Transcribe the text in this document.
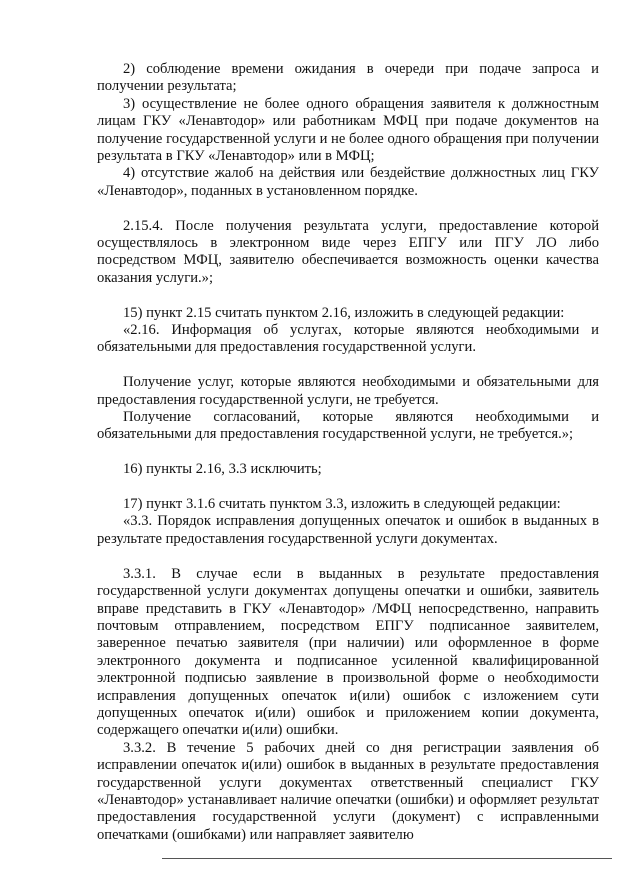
2) соблюдение времени ожидания в очереди при подаче запроса и получении результата;

3) осуществление не более одного обращения заявителя к должностным лицам ГКУ «Ленавтодор» или работникам МФЦ при подаче документов на получение государственной услуги и не более одного обращения при получении результата в ГКУ «Ленавтодор» или в МФЦ;

4) отсутствие жалоб на действия или бездействие должностных лиц ГКУ «Ленавтодор», поданных в установленном порядке.

2.15.4. После получения результата услуги, предоставление которой осуществлялось в электронном виде через ЕПГУ или ПГУ ЛО либо посредством МФЦ, заявителю обеспечивается возможность оценки качества оказания услуги.»;

15) пункт 2.15 считать пунктом 2.16, изложить в следующей редакции:

«2.16. Информация об услугах, которые являются необходимыми и обязательными для предоставления государственной услуги.

Получение услуг, которые являются необходимыми и обязательными для предоставления государственной услуги, не требуется.

Получение согласований, которые являются необходимыми и обязательными для предоставления государственной услуги, не требуется.»;

16) пункты 2.16, 3.3 исключить;

17) пункт 3.1.6 считать пунктом 3.3, изложить в следующей редакции:

«3.3. Порядок исправления допущенных опечаток и ошибок в выданных в результате предоставления государственной услуги документах.

3.3.1. В случае если в выданных в результате предоставления государственной услуги документах допущены опечатки и ошибки, заявитель вправе представить в ГКУ «Ленавтодор» /МФЦ непосредственно, направить почтовым отправлением, посредством ЕПГУ подписанное заявителем, заверенное печатью заявителя (при наличии) или оформленное в форме электронного документа и подписанное усиленной квалифицированной электронной подписью заявление в произвольной форме о необходимости исправления допущенных опечаток и(или) ошибок с изложением сути допущенных опечаток и(или) ошибок и приложением копии документа, содержащего опечатки и(или) ошибки.

3.3.2. В течение 5 рабочих дней со дня регистрации заявления об исправлении опечаток и(или) ошибок в выданных в результате предоставления государственной услуги документах ответственный специалист ГКУ «Ленавтодор» устанавливает наличие опечатки (ошибки) и оформляет результат предоставления государственной услуги (документ) с исправленными опечатками (ошибками) или направляет заявителю
